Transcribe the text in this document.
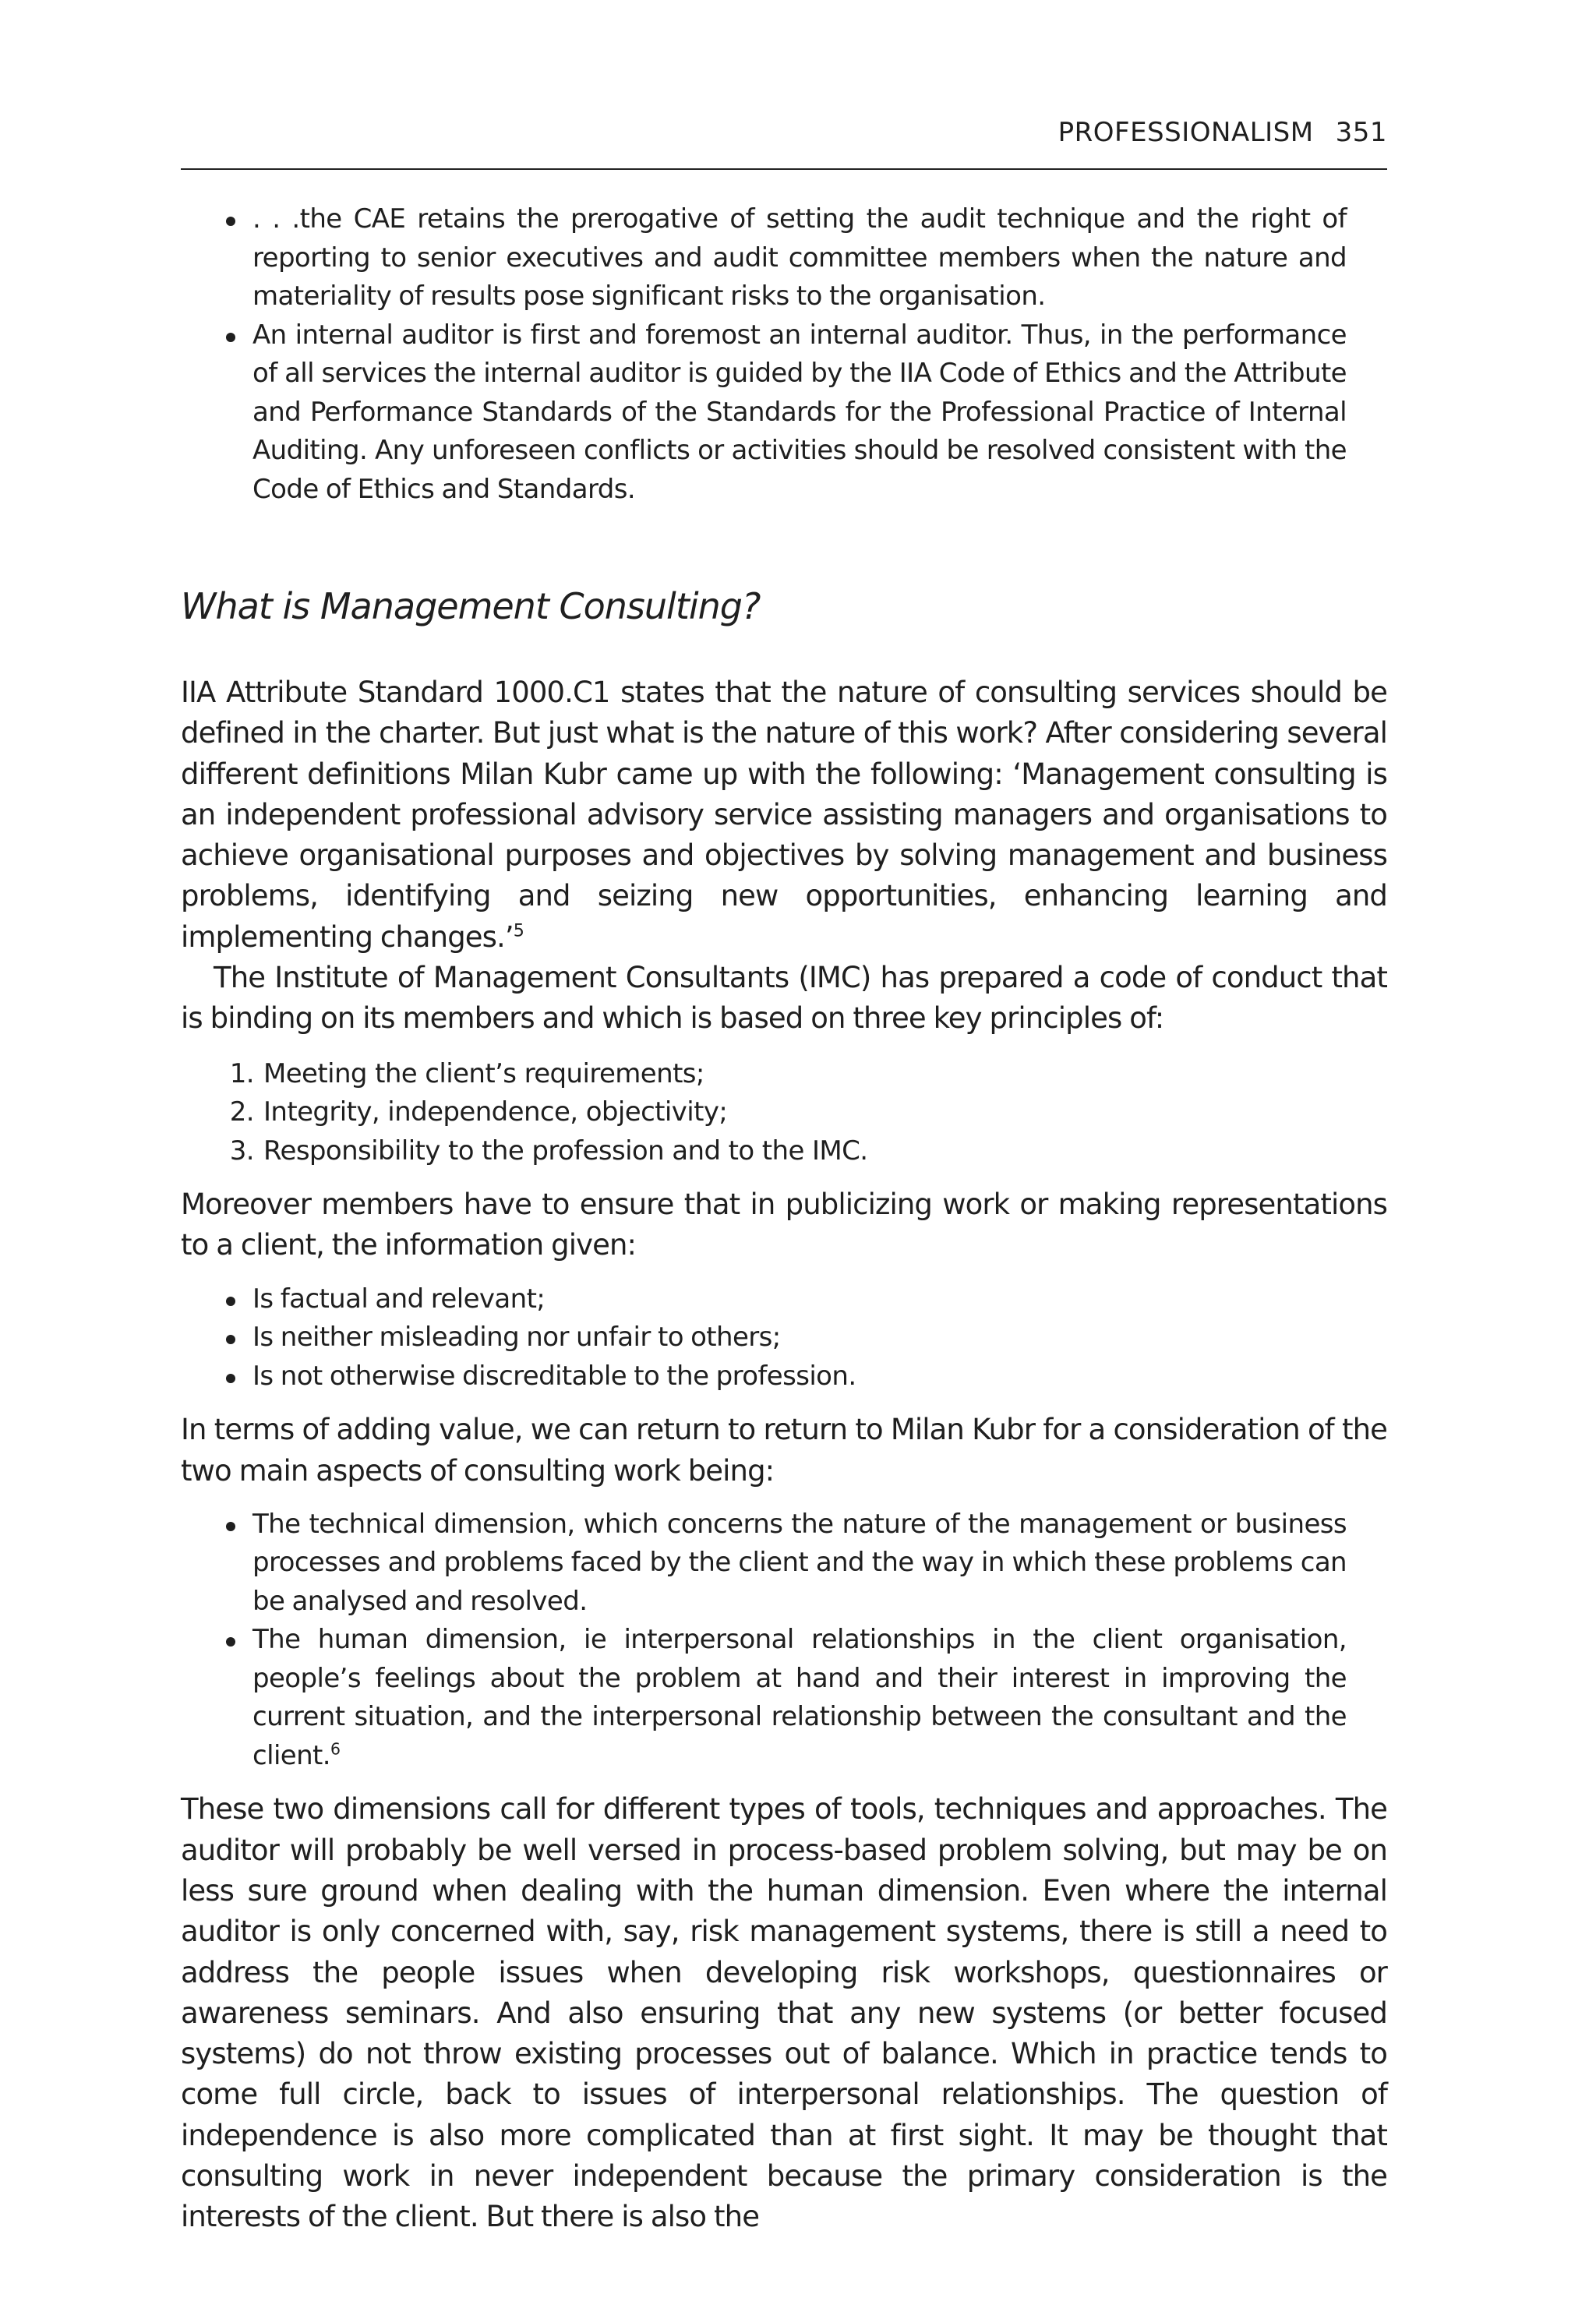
PROFESSIONALISM 351
. . .the CAE retains the prerogative of setting the audit technique and the right of reporting to senior executives and audit committee members when the nature and materiality of results pose significant risks to the organisation.
An internal auditor is first and foremost an internal auditor. Thus, in the performance of all services the internal auditor is guided by the IIA Code of Ethics and the Attribute and Performance Standards of the Standards for the Professional Practice of Internal Auditing. Any unforeseen conflicts or activities should be resolved consistent with the Code of Ethics and Standards.
What is Management Consulting?

IIA Attribute Standard 1000.C1 states that the nature of consulting services should be defined in the charter. But just what is the nature of this work? After considering several different definitions Milan Kubr came up with the following: ‘Management consulting is an independent professional advisory service assisting managers and organisations to achieve organisational purposes and objectives by solving management and business problems, identifying and seizing new opportunities, enhancing learning and implementing changes.’$^5$

The Institute of Management Consultants (IMC) has prepared a code of conduct that is binding on its members and which is based on three key principles of:

1. Meeting the client’s requirements;
2. Integrity, independence, objectivity;
3. Responsibility to the profession and to the IMC.

Moreover members have to ensure that in publicizing work or making representations to a client, the information given:

Is factual and relevant;
Is neither misleading nor unfair to others;
Is not otherwise discreditable to the profession.

In terms of adding value, we can return to return to Milan Kubr for a consideration of the two main aspects of consulting work being:

The technical dimension, which concerns the nature of the management or business processes and problems faced by the client and the way in which these problems can be analysed and resolved.
The human dimension, ie interpersonal relationships in the client organisation, people’s feelings about the problem at hand and their interest in improving the current situation, and the interpersonal relationship between the consultant and the client.$^6$

These two dimensions call for different types of tools, techniques and approaches. The auditor will probably be well versed in process-based problem solving, but may be on less sure ground when dealing with the human dimension. Even where the internal auditor is only concerned with, say, risk management systems, there is still a need to address the people issues when developing risk workshops, questionnaires or awareness seminars. And also ensuring that any new systems (or better focused systems) do not throw existing processes out of balance. Which in practice tends to come full circle, back to issues of interpersonal relationships. The question of independence is also more complicated than at first sight. It may be thought that consulting work in never independent because the primary consideration is the interests of the client. But there is also the
